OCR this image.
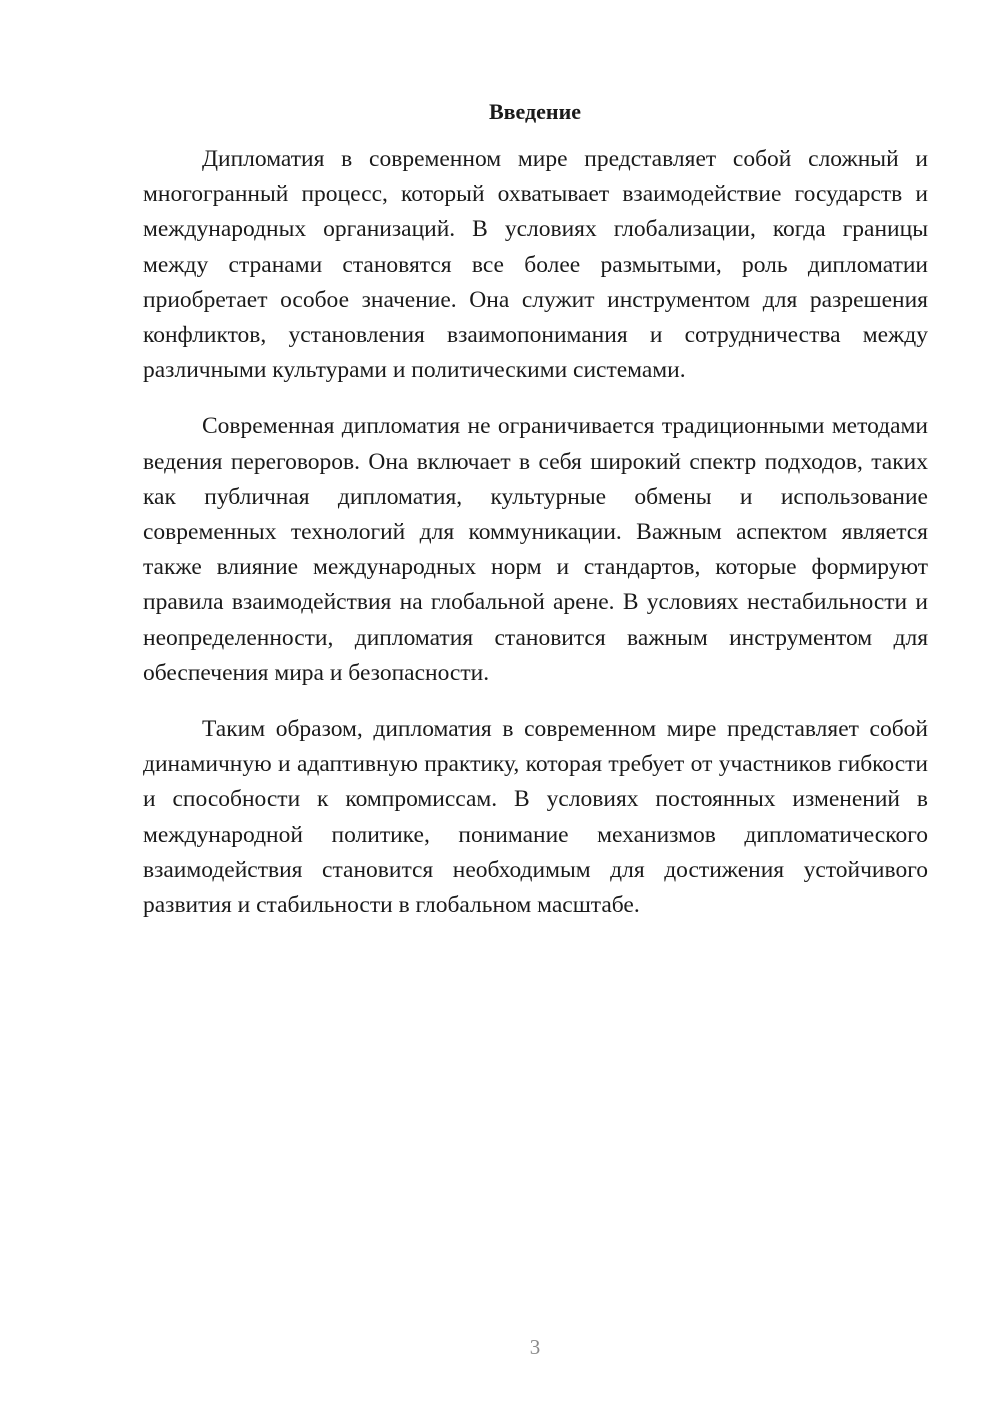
Введение

Дипломатия в современном мире представляет собой сложный и многогранный процесс, который охватывает взаимодействие государств и международных организаций. В условиях глобализации, когда границы между странами становятся все более размытыми, роль дипломатии приобретает особое значение. Она служит инструментом для разрешения конфликтов, установления взаимопонимания и сотрудничества между различными культурами и политическими системами.

Современная дипломатия не ограничивается традиционными методами ведения переговоров. Она включает в себя широкий спектр подходов, таких как публичная дипломатия, культурные обмены и использование современных технологий для коммуникации. Важным аспектом является также влияние международных норм и стандартов, которые формируют правила взаимодействия на глобальной арене. В условиях нестабильности и неопределенности, дипломатия становится важным инструментом для обеспечения мира и безопасности.

Таким образом, дипломатия в современном мире представляет собой динамичную и адаптивную практику, которая требует от участников гибкости и способности к компромиссам. В условиях постоянных изменений в международной политике, понимание механизмов дипломатического взаимодействия становится необходимым для достижения устойчивого развития и стабильности в глобальном масштабе.

3
